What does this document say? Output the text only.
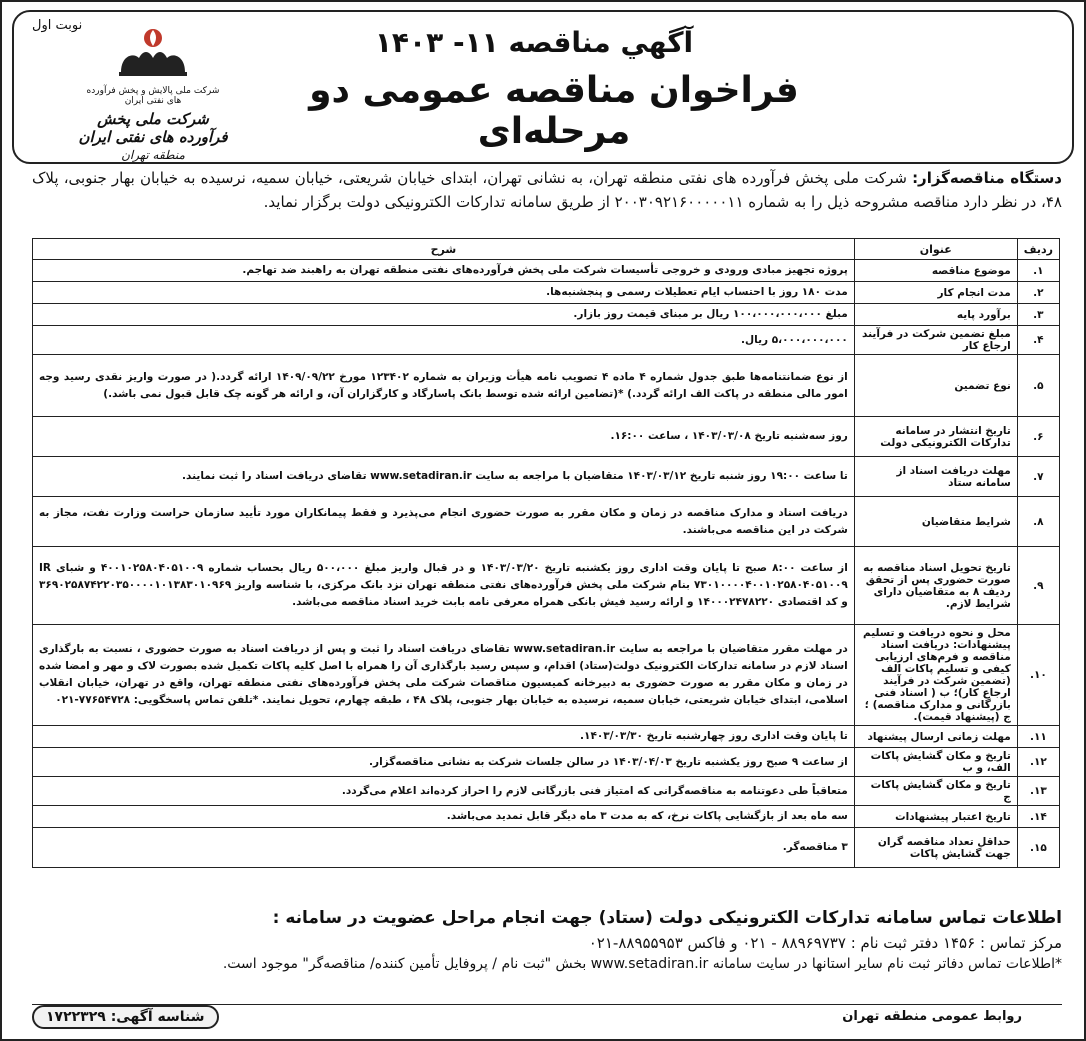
نوبت اول
شرکت ملی پالایش و پخش فرآورده های نفتی ایران
شرکت ملی پخش فرآورده های نفتی ایران
منطقه تهران
آگهي مناقصه ۱۱- ۱۴۰۳
فراخوان مناقصه عمومی دو مرحله‌ای
دستگاه مناقصه‌گزار: شرکت ملی پخش فرآورده های نفتی منطقه تهران، به نشانی تهران، ابتدای خیابان شریعتی، خیابان سمیه، نرسیده به خیابان بهار جنوبی، پلاک ۴۸، در نظر دارد مناقصه مشروحه ذیل را به شماره ۲۰۰۳۰۹۲۱۶۰۰۰۰۰۱۱ از طریق سامانه تدارکات الکترونیکی دولت برگزار نماید.
ردیف	عنوان	شرح
۱.	موضوع مناقصه	پروژه تجهیز مبادی ورودی و خروجی تأسیسات شرکت ملی پخش فرآورده‌های نفتی منطقه تهران به راهبند ضد تهاجم.
۲.	مدت انجام کار	مدت ۱۸۰ روز با احتساب ایام تعطیلات رسمی و پنجشنبه‌ها.
۳.	برآورد پایه	مبلغ ۱۰۰،۰۰۰،۰۰۰،۰۰۰ ریال بر مبنای قیمت روز بازار.
۴.	مبلغ تضمین شرکت در فرآیند ارجاع کار	۵،۰۰۰،۰۰۰،۰۰۰ ریال.
۵.	نوع تضمین	از نوع ضمانتنامه‌ها طبق جدول شماره ۴ ماده ۴ تصویب نامه هیأت وزیران به شماره ۱۲۳۴۰۲ مورخ ۱۴۰۹/۰۹/۲۲ ارائه گردد.( در صورت واریز نقدی رسید وجه امور مالی منطقه در پاکت الف ارائه گردد.) *(تضامین ارائه شده توسط بانک پاسارگاد و کارگزاران آن، و ارائه هر گونه چک قابل قبول نمی باشد.)
۶.	تاریخ انتشار در سامانه تدارکات الکترونیکی دولت	روز سه‌شنبه تاریخ ۱۴۰۳/۰۳/۰۸ ، ساعت ۱۶:۰۰.
۷.	مهلت دریافت اسناد از سامانه ستاد	تا ساعت ۱۹:۰۰ روز شنبه تاریخ ۱۴۰۳/۰۳/۱۲ متقاضیان با مراجعه به سایت www.setadiran.ir تقاضای دریافت اسناد را ثبت نمایند.
۸.	شرایط متقاضیان	دریافت اسناد و مدارک مناقصه در زمان و مکان مقرر به صورت حضوری انجام می‌پذیرد و فقط پیمانکاران مورد تأیید سازمان حراست وزارت نفت، مجاز به شرکت در این مناقصه می‌باشند.
۹.	تاریخ تحویل اسناد مناقصه به صورت حضوری پس از تحقق ردیف ۸ به متقاضیان دارای شرایط لازم.	از ساعت ۸:۰۰ صبح تا پایان وقت اداری روز یکشنبه تاریخ ۱۴۰۳/۰۳/۲۰ و در قبال واریز مبلغ ۵۰۰،۰۰۰ ریال بحساب شماره ۴۰۰۱۰۲۵۸۰۴۰۵۱۰۰۹ و شبای IR ۷۳۰۱۰۰۰۰۴۰۰۱۰۲۵۸۰۴۰۵۱۰۰۹ بنام شرکت ملی پخش فرآورده‌های نفتی منطقه تهران نزد بانک مرکزی، با شناسه واریز ۳۶۹۰۲۵۸۷۴۲۲۰۳۵۰۰۰۰۱۰۱۳۸۳۰۱۰۹۶۹ و کد اقتصادی ۱۴۰۰۰۲۴۷۸۲۲۰ و ارائه رسید فیش بانکی همراه معرفی نامه بابت خرید اسناد مناقصه می‌باشد.
۱۰.	محل و نحوه دریافت و تسلیم پیشنهادات: دریافت اسناد مناقصه و فرم‌های ارزیابی کیفی و تسلیم پاکات الف (تضمین شرکت در فرآیند ارجاع کار)؛ ب ( اسناد فنی بازرگانی و مدارک مناقصه) ؛ج (پیشنهاد قیمت).	در مهلت مقرر متقاضیان با مراجعه به سایت www.setadiran.ir تقاضای دریافت اسناد را ثبت و پس از دریافت اسناد به صورت حضوری ، نسبت به بارگذاری اسناد لازم در سامانه تدارکات الکترونیک دولت(ستاد) اقدام، و سپس رسید بارگذاری آن را همراه با اصل کلیه پاکات تکمیل شده بصورت لاک و مهر و امضا شده در زمان و مکان مقرر به صورت حضوری به دبیرخانه کمیسیون مناقصات شرکت ملی پخش فرآورده‌های نفتی منطقه تهران، واقع در تهران، خیابان انقلاب اسلامی، ابتدای خیابان شریعتی، خیابان سمیه، نرسیده به خیابان بهار جنوبی، پلاک ۴۸ ، طبقه چهارم، تحویل نمایند. *تلفن تماس پاسخگویی: ۷۷۶۵۴۷۲۸-۰۲۱
۱۱.	مهلت زمانی ارسال پیشنهاد	تا پایان وقت اداری روز چهارشنبه تاریخ ۱۴۰۳/۰۳/۳۰.
۱۲.	تاریخ و مکان گشایش پاکات الف، و ب	از ساعت ۹ صبح روز یکشنبه تاریخ ۱۴۰۳/۰۴/۰۳ در سالن جلسات شرکت به نشانی مناقصه‌گزار.
۱۳.	تاریخ و مکان گشایش پاکات ج	متعاقباً طی دعوتنامه به مناقصه‌گرانی که امتیاز فنی بازرگانی لازم را احراز کرده‌اند اعلام می‌گردد.
۱۴.	تاریخ اعتبار پیشنهادات	سه ماه بعد از بازگشایی پاکات نرخ، که به مدت ۳ ماه دیگر قابل تمدید می‌باشد.
۱۵.	حداقل تعداد مناقصه گران جهت گشایش پاکات	۳ مناقصه‌گر.
اطلاعات تماس سامانه تدارکات الکترونیکی دولت (ستاد) جهت انجام مراحل عضویت در سامانه :
مرکز تماس : ۱۴۵۶ دفتر ثبت نام : ۸۸۹۶۹۷۳۷ - ۰۲۱ و فاکس ۸۸۹۵۵۹۵۳-۰۲۱
*اطلاعات تماس دفاتر ثبت نام سایر استانها در سایت سامانه www.setadiran.ir بخش "ثبت نام / پروفایل تأمین کننده/ مناقصه‌گر" موجود است.
روابط عمومی منطقه تهران
شناسه آگهی: ۱۷۲۲۳۲۹
